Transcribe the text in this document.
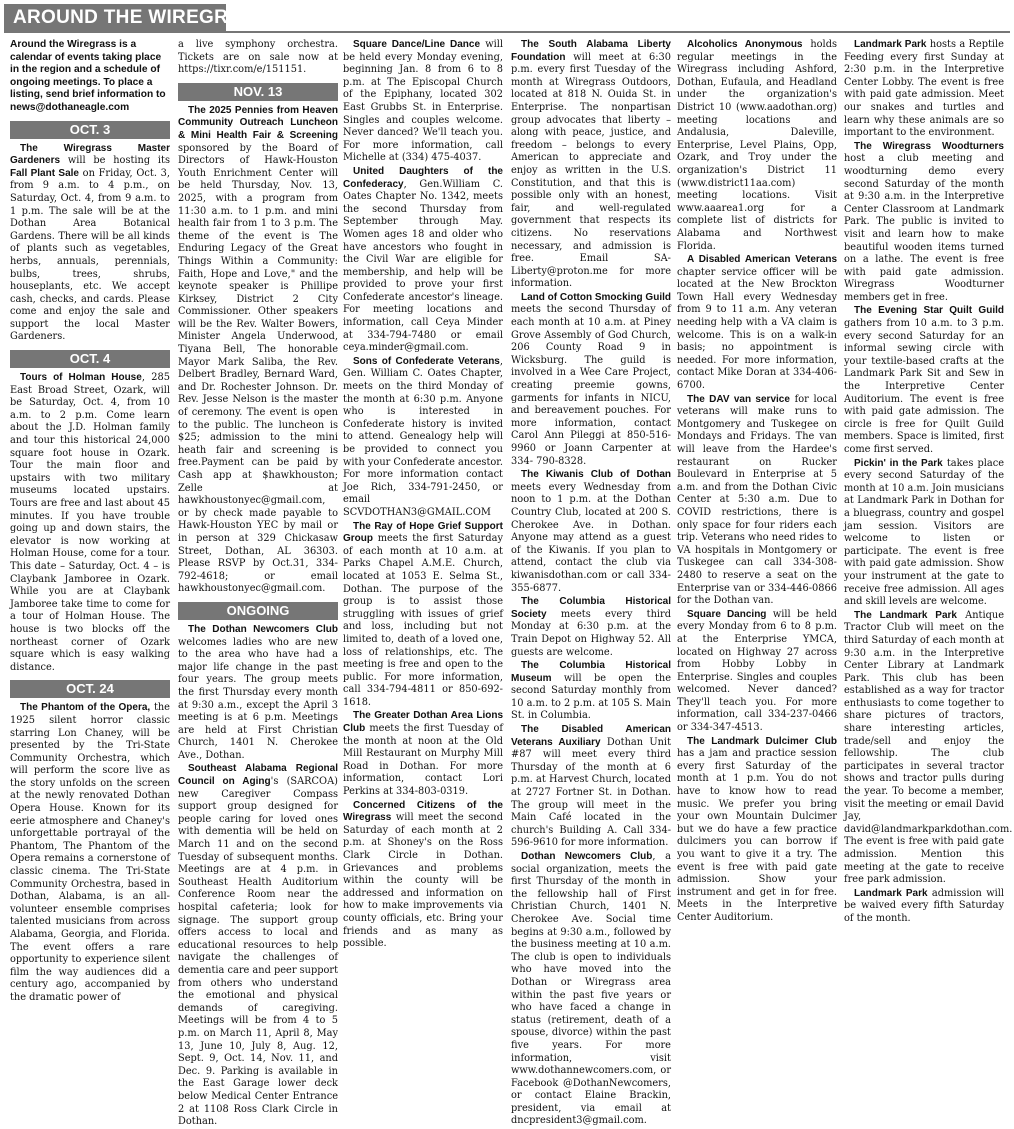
AROUND THE WIREGRASS

Around the Wiregrass is a calendar of events taking place in the region and a schedule of ongoing meetings. To place a listing, send brief information to news@dothaneagle.com

OCT. 3

The Wiregrass Master Gardeners will be hosting its Fall Plant Sale on Friday, Oct. 3, from 9 a.m. to 4 p.m., on Saturday, Oct. 4, from 9 a.m. to 1 p.m. The sale will be at the Dothan Area Botanical Gardens. There will be all kinds of plants such as vegetables, herbs, annuals, perennials, bulbs, trees, shrubs, houseplants, etc. We accept cash, checks, and cards. Please come and enjoy the sale and support the local Master Gardeners.

OCT. 4

Tours of Holman House, 285 East Broad Street, Ozark, will be Saturday, Oct. 4, from 10 a.m. to 2 p.m. Come learn about the J.D. Holman family and tour this historical 24,000 square foot house in Ozark. Tour the main floor and upstairs with two military museums located upstairs. Tours are free and last about 45 minutes. If you have trouble going up and down stairs, the elevator is now working at Holman House, come for a tour. This date – Saturday, Oct. 4 – is Claybank Jamboree in Ozark. While you are at Claybank Jamboree take time to come for a tour of Holman House. The house is two blocks off the northeast corner of Ozark square which is easy walking distance.

OCT. 24

The Phantom of the Opera, the 1925 silent horror classic starring Lon Chaney, will be presented by the Tri-State Community Orchestra, which will perform the score live as the story unfolds on the screen at the newly renovated Dothan Opera House. Known for its eerie atmosphere and Chaney's unforgettable portrayal of the Phantom, The Phantom of the Opera remains a cornerstone of classic cinema. The Tri-State Community Orchestra, based in Dothan, Alabama, is an all-volunteer ensemble comprises talented musicians from across Alabama, Georgia, and Florida. The event offers a rare opportunity to experience silent film the way audiences did a century ago, accompanied by the dramatic power of

a live symphony orchestra. Tickets are on sale now at https://tixr.com/e/151151.

NOV. 13

The 2025 Pennies from Heaven Community Outreach Luncheon & Mini Health Fair & Screening sponsored by the Board of Directors of Hawk-Houston Youth Enrichment Center will be held Thursday, Nov. 13, 2025, with a program from 11:30 a.m. to 1 p.m. and mini health fair from 1 to 3 p.m. The theme of the event is The Enduring Legacy of the Great Things Within a Community: Faith, Hope and Love," and the keynote speaker is Phillipe Kirksey, District 2 City Commissioner. Other speakers will be the Rev. Walter Bowers, Minister Angela Underwood, Tiyana Bell, The honorable Mayor Mark Saliba, the Rev. Delbert Bradley, Bernard Ward, and Dr. Rochester Johnson. Dr. Rev. Jesse Nelson is the master of ceremony. The event is open to the public. The luncheon is $25; admission to the mini heath fair and screening is free.Payment can be paid by Cash app at $hawkhouston; Zelle at hawkhoustonyec@gmail.com, or by check made payable to Hawk-Houston YEC by mail or in person at 329 Chickasaw Street, Dothan, AL 36303. Please RSVP by Oct.31, 334-792-4618; or email hawkhoustonyec@gmail.com.

ONGOING

The Dothan Newcomers Club welcomes ladies who are new to the area who have had a major life change in the past four years. The group meets the first Thursday every month at 9:30 a.m., except the April 3 meeting is at 6 p.m. Meetings are held at First Christian Church, 1401 N. Cherokee Ave., Dothan.

Southeast Alabama Regional Council on Aging's (SARCOA) new Caregiver Compass support group designed for people caring for loved ones with dementia will be held on March 11 and on the second Tuesday of subsequent months. Meetings are at 4 p.m. in Southeast Health Auditorium Conference Room near the hospital cafeteria; look for signage. The support group offers access to local and educational resources to help navigate the challenges of dementia care and peer support from others who understand the emotional and physical demands of caregiving. Meetings will be from 4 to 5 p.m. on March 11, April 8, May 13, June 10, July 8, Aug. 12, Sept. 9, Oct. 14, Nov. 11, and Dec. 9. Parking is available in the East Garage lower deck below Medical Center Entrance 2 at 1108 Ross Clark Circle in Dothan.

Square Dance/Line Dance will be held every Monday evening, beginning Jan. 8 from 6 to 8 p.m. at The Episcopal Church of the Epiphany, located 302 East Grubbs St. in Enterprise. Singles and couples welcome. Never danced? We'll teach you. For more information, call Michelle at (334) 475-4037.

United Daughters of the Confederacy, Gen.William C. Oates Chapter No. 1342, meets the second Thursday from September through May. Women ages 18 and older who have ancestors who fought in the Civil War are eligible for membership, and help will be provided to prove your first Confederate ancestor's lineage. For meeting locations and information, call Ceya Minder at 334-794-7480 or email ceya.minder@gmail.com.

Sons of Confederate Veterans, Gen. William C. Oates Chapter, meets on the third Monday of the month at 6:30 p.m. Anyone who is interested in Confederate history is invited to attend. Genealogy help will be provided to connect you with your Confederate ancestor. For more information contact Joe Rich, 334-791-2450, or email SCVDOTHAN3@GMAIL.COM

The Ray of Hope Grief Support Group meets the first Saturday of each month at 10 a.m. at Parks Chapel A.M.E. Church, located at 1053 E. Selma St., Dothan. The purpose of the group is to assist those struggling with issues of grief and loss, including but not limited to, death of a loved one, loss of relationships, etc. The meeting is free and open to the public. For more information, call 334-794-4811 or 850-692-1618.

The Greater Dothan Area Lions Club meets the first Tuesday of the month at noon at the Old Mill Restaurant on Murphy Mill Road in Dothan. For more information, contact Lori Perkins at 334-803-0319.

Concerned Citizens of the Wiregrass will meet the second Saturday of each month at 2 p.m. at Shoney's on the Ross Clark Circle in Dothan. Grievances and problems within the county will be addressed and information on how to make improvements via county officials, etc. Bring your friends and as many as possible.

The South Alabama Liberty Foundation will meet at 6:30 p.m. every first Tuesday of the month at Wiregrass Outdoors, located at 818 N. Ouida St. in Enterprise. The nonpartisan group advocates that liberty – along with peace, justice, and freedom – belongs to every American to appreciate and enjoy as written in the U.S. Constitution, and that this is possible only with an honest, fair, and well-regulated government that respects its citizens. No reservations necessary, and admission is free. Email SA-Liberty@proton.me for more information.

Land of Cotton Smocking Guild meets the second Thursday of each month at 10 a.m. at Piney Grove Assembly of God Church, 206 County Road 9 in Wicksburg. The guild is involved in a Wee Care Project, creating preemie gowns, garments for infants in NICU, and bereavement pouches. For more information, contact Carol Ann Pileggi at 850-516-9960 or Joann Carpenter at 334- 790-8328.

The Kiwanis Club of Dothan meets every Wednesday from noon to 1 p.m. at the Dothan Country Club, located at 200 S. Cherokee Ave. in Dothan. Anyone may attend as a guest of the Kiwanis. If you plan to attend, contact the club via kiwanisdothan.com or call 334-355-6877.

The Columbia Historical Society meets every third Monday at 6:30 p.m. at the Train Depot on Highway 52. All guests are welcome.

The Columbia Historical Museum will be open the second Saturday monthly from 10 a.m. to 2 p.m. at 105 S. Main St. in Columbia.

The Disabled American Veterans Auxiliary Dothan Unit #87 will meet every third Thursday of the month at 6 p.m. at Harvest Church, located at 2727 Fortner St. in Dothan. The group will meet in the Main Café located in the church's Building A. Call 334-596-9610 for more information.

Dothan Newcomers Club, a social organization, meets the first Thursday of the month in the fellowship hall of First Christian Church, 1401 N. Cherokee Ave. Social time begins at 9:30 a.m., followed by the business meeting at 10 a.m. The club is open to individuals who have moved into the Dothan or Wiregrass area within the past five years or who have faced a change in status (retirement, death of a spouse, divorce) within the past five years. For more information, visit www.dothannewcomers.com, or Facebook @DothanNewcomers, or contact Elaine Brackin, president, via email at dncpresident3@gmail.com.

Alcoholics Anonymous holds regular meetings in the Wiregrass including Ashford, Dothan, Eufaula, and Headland under the organization's District 10 (www.aadothan.org) meeting locations and Andalusia, Daleville, Enterprise, Level Plains, Opp, Ozark, and Troy under the organization's District 11 (www.district11aa.com) meeting locations. Visit www.aaarea1.org for a complete list of districts for Alabama and Northwest Florida.

A Disabled American Veterans chapter service officer will be located at the New Brockton Town Hall every Wednesday from 9 to 11 a.m. Any veteran needing help with a VA claim is welcome. This is on a walk-in basis; no appointment is needed. For more information, contact Mike Doran at 334-406-6700.

The DAV van service for local veterans will make runs to Montgomery and Tuskegee on Mondays and Fridays. The van will leave from the Hardee's restaurant on Rucker Boulevard in Enterprise at 5 a.m. and from the Dothan Civic Center at 5:30 a.m. Due to COVID restrictions, there is only space for four riders each trip. Veterans who need rides to VA hospitals in Montgomery or Tuskegee can call 334-308-2480 to reserve a seat on the Enterprise van or 334-446-0866 for the Dothan van.

Square Dancing will be held every Monday from 6 to 8 p.m. at the Enterprise YMCA, located on Highway 27 across from Hobby Lobby in Enterprise. Singles and couples welcomed. Never danced? They'll teach you. For more information, call 334-237-0466 or 334-347-4513.

The Landmark Dulcimer Club has a jam and practice session every first Saturday of the month at 1 p.m. You do not have to know how to read music. We prefer you bring your own Mountain Dulcimer but we do have a few practice dulcimers you can borrow if you want to give it a try. The event is free with paid gate admission. Show your instrument and get in for free. Meets in the Interpretive Center Auditorium.

Landmark Park hosts a Reptile Feeding every first Sunday at 2:30 p.m. in the Interpretive Center Lobby. The event is free with paid gate admission. Meet our snakes and turtles and learn why these animals are so important to the environment.

The Wiregrass Woodturners host a club meeting and woodturning demo every second Saturday of the month at 9:30 a.m. in the Interpretive Center Classroom at Landmark Park. The public is invited to visit and learn how to make beautiful wooden items turned on a lathe. The event is free with paid gate admission. Wiregrass Woodturner members get in free.

The Evening Star Quilt Guild gathers from 10 a.m. to 3 p.m. every second Saturday for an informal sewing circle with your textile-based crafts at the Landmark Park Sit and Sew in the Interpretive Center Auditorium. The event is free with paid gate admission. The circle is free for Quilt Guild members. Space is limited, first come first served.

Pickin' in the Park takes place every second Saturday of the month at 10 a.m. Join musicians at Landmark Park in Dothan for a bluegrass, country and gospel jam session. Visitors are welcome to listen or participate. The event is free with paid gate admission. Show your instrument at the gate to receive free admission. All ages and skill levels are welcome.

The Landmark Park Antique Tractor Club will meet on the third Saturday of each month at 9:30 a.m. in the Interpretive Center Library at Landmark Park. This club has been established as a way for tractor enthusiasts to come together to share pictures of tractors, share interesting articles, trade/sell and enjoy the fellowship. The club participates in several tractor shows and tractor pulls during the year. To become a member, visit the meeting or email David Jay, david@landmarkparkdothan.com. The event is free with paid gate admission. Mention this meeting at the gate to receive free park admission.

Landmark Park admission will be waived every fifth Saturday of the month.
